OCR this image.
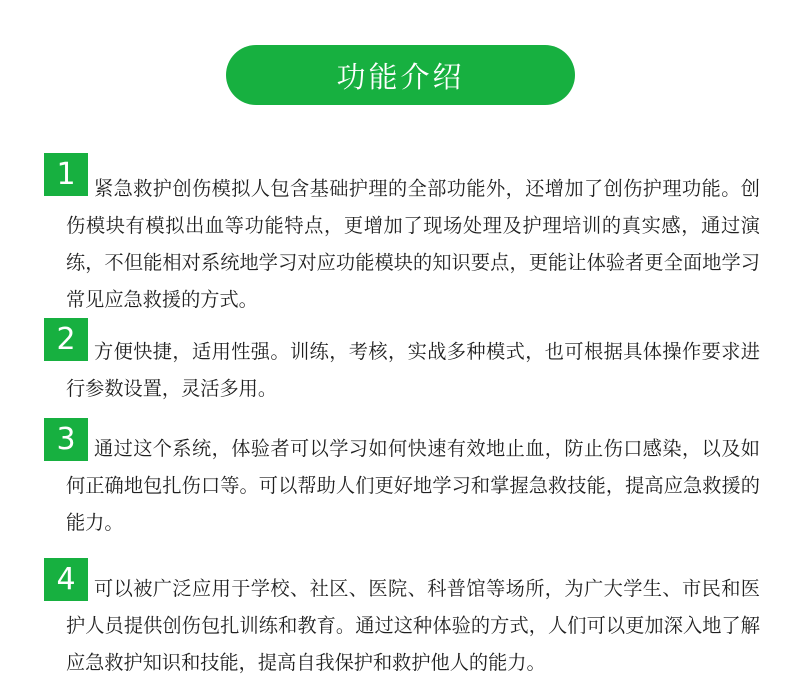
功能介绍
紧急救护创伤模拟人包含基础护理的全部功能外，还增加了创伤护理功能。创伤模块有模拟出血等功能特点，更增加了现场处理及护理培训的真实感，通过演练，不但能相对系统地学习对应功能模块的知识要点，更能让体验者更全面地学习常见应急救援的方式。
1
方便快捷，适用性强。训练，考核，实战多种模式，也可根据具体操作要求进行参数设置，灵活多用。
2
通过这个系统，体验者可以学习如何快速有效地止血，防止伤口感染，以及如何正确地包扎伤口等。可以帮助人们更好地学习和掌握急救技能，提高应急救援的能力。
3
可以被广泛应用于学校、社区、医院、科普馆等场所，为广大学生、市民和医护人员提供创伤包扎训练和教育。通过这种体验的方式，人们可以更加深入地了解应急救护知识和技能，提高自我保护和救护他人的能力。
4
